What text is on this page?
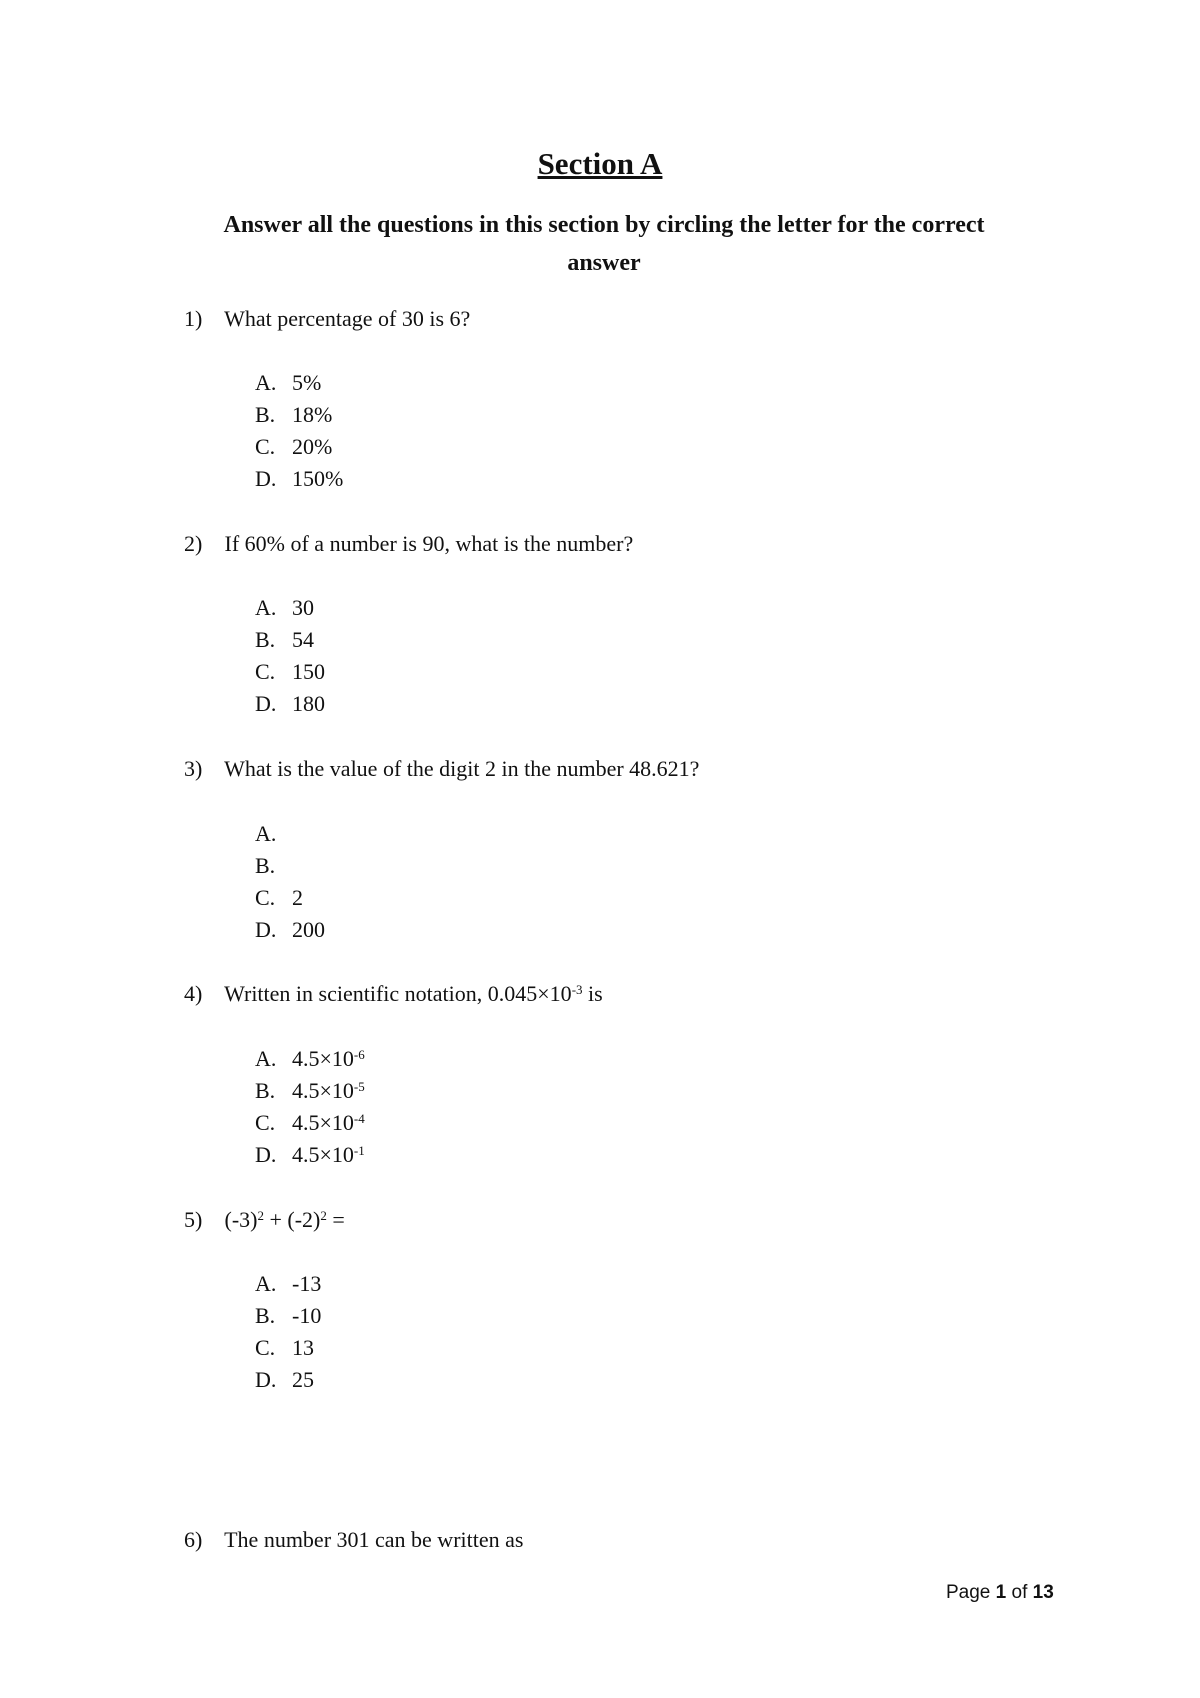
Section A

Answer all the questions in this section by circling the letter for the correct

answer

1) What percentage of 30 is 6?
A. 5%
B. 18%
C. 20%
D. 150%
2) If 60% of a number is 90, what is the number?
A. 30
B. 54
C. 150
D. 180
3) What is the value of the digit 2 in the number 48.621?
A.
B.
C. 2
D. 200
4) Written in scientific notation, $0.045\times 10^{-3}$ is
A. $4.5\times 10^{-6}$
B. $4.5\times 10^{-5}$
C. $4.5\times 10^{-4}$
D. $4.5\times 10^{-1}$
5) $(-3)^2 + (-2)^2$ =
A. -13
B. -10
C. 13
D. 25
6) The number 301 can be written as
Page 1 of 13
